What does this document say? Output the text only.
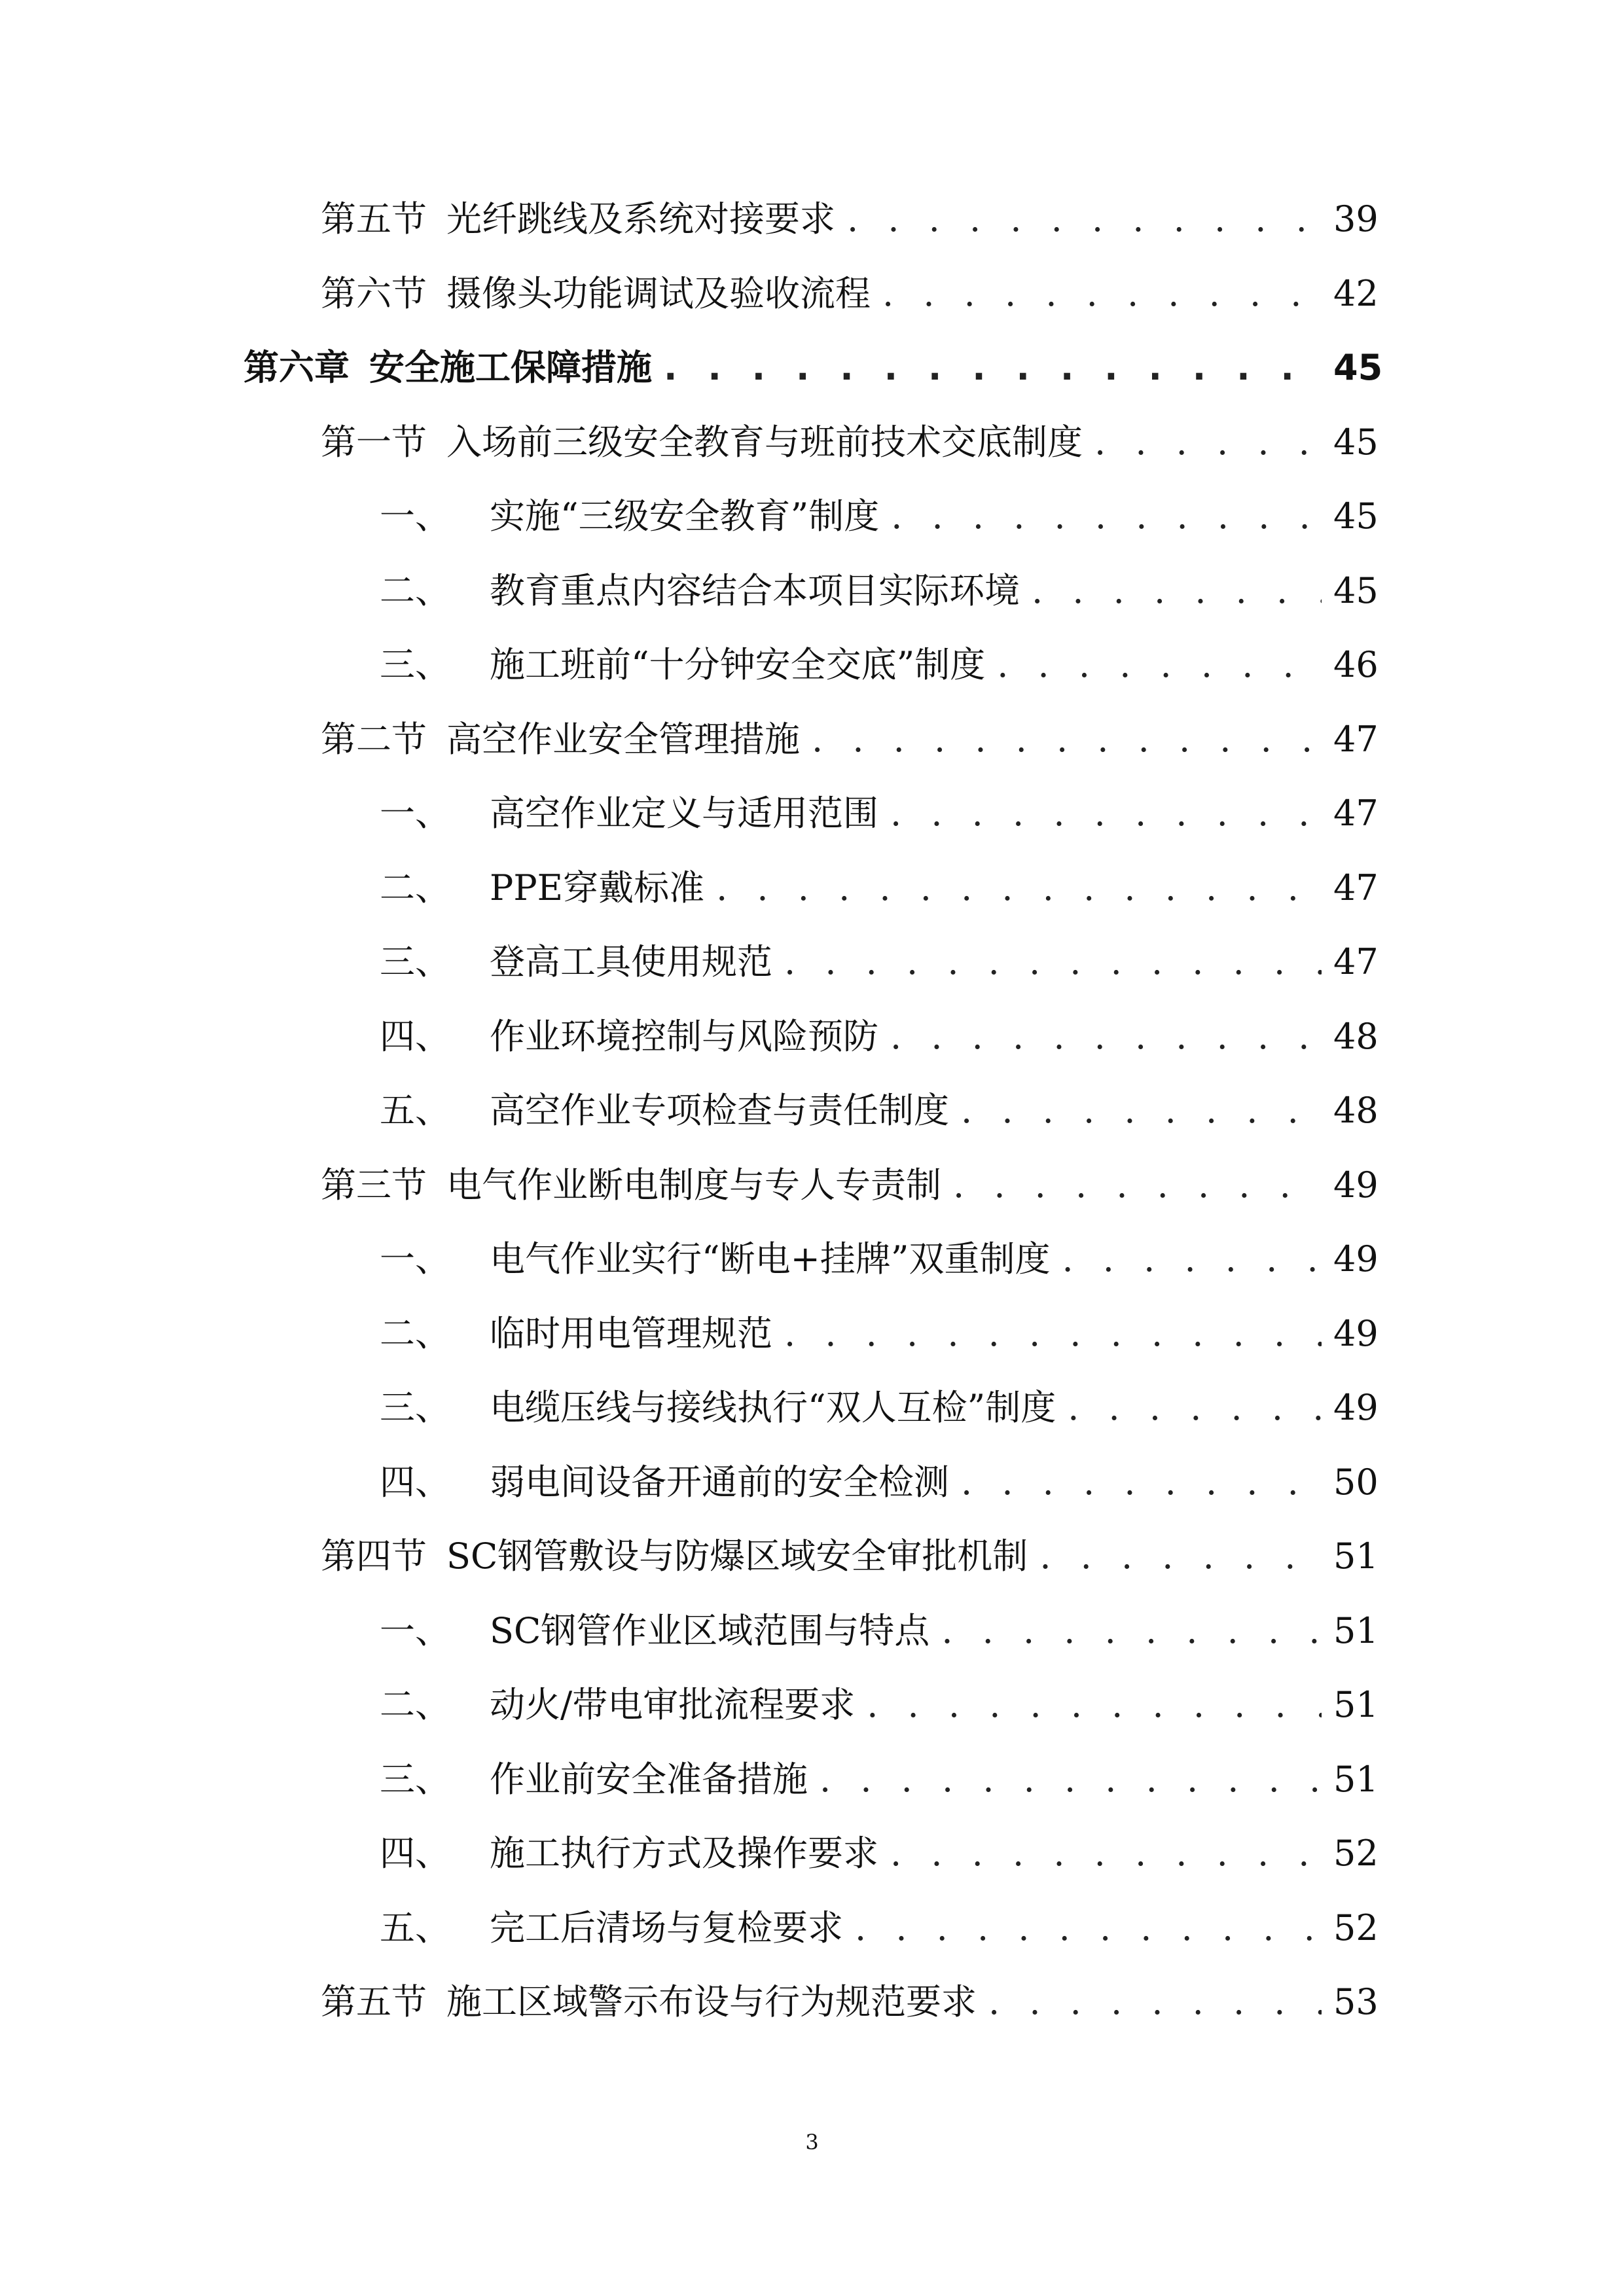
第五节 光纤跳线及系统对接要求 . . .	39
第六节 摄像头功能调试及验收流程 . . .	42
第六章 安全施工保障措施 . . .	45
第一节 入场前三级安全教育与班前技术交底制度 . . .	45
一、 实施“三级安全教育”制度 . . .	45
二、 教育重点内容结合本项目实际环境 . . .	45
三、 施工班前“十分钟安全交底”制度 . . .	46
第二节 高空作业安全管理措施 . . .	47
一、 高空作业定义与适用范围 . . .	47
二、 PPE穿戴标准 . . .	47
三、 登高工具使用规范 . . .	47
四、 作业环境控制与风险预防 . . .	48
五、 高空作业专项检查与责任制度 . . .	48
第三节 电气作业断电制度与专人专责制 . . .	49
一、 电气作业实行“断电+挂牌”双重制度 . . .	49
二、 临时用电管理规范 . . .	49
三、 电缆压线与接线执行“双人互检”制度 . . .	49
四、 弱电间设备开通前的安全检测 . . .	50
第四节 SC钢管敷设与防爆区域安全审批机制 . . .	51
一、 SC钢管作业区域范围与特点 . . .	51
二、 动火/带电审批流程要求 . . .	51
三、 作业前安全准备措施 . . .	51
四、 施工执行方式及操作要求 . . .	52
五、 完工后清场与复检要求 . . .	52
第五节 施工区域警示布设与行为规范要求 . . .	53
3
